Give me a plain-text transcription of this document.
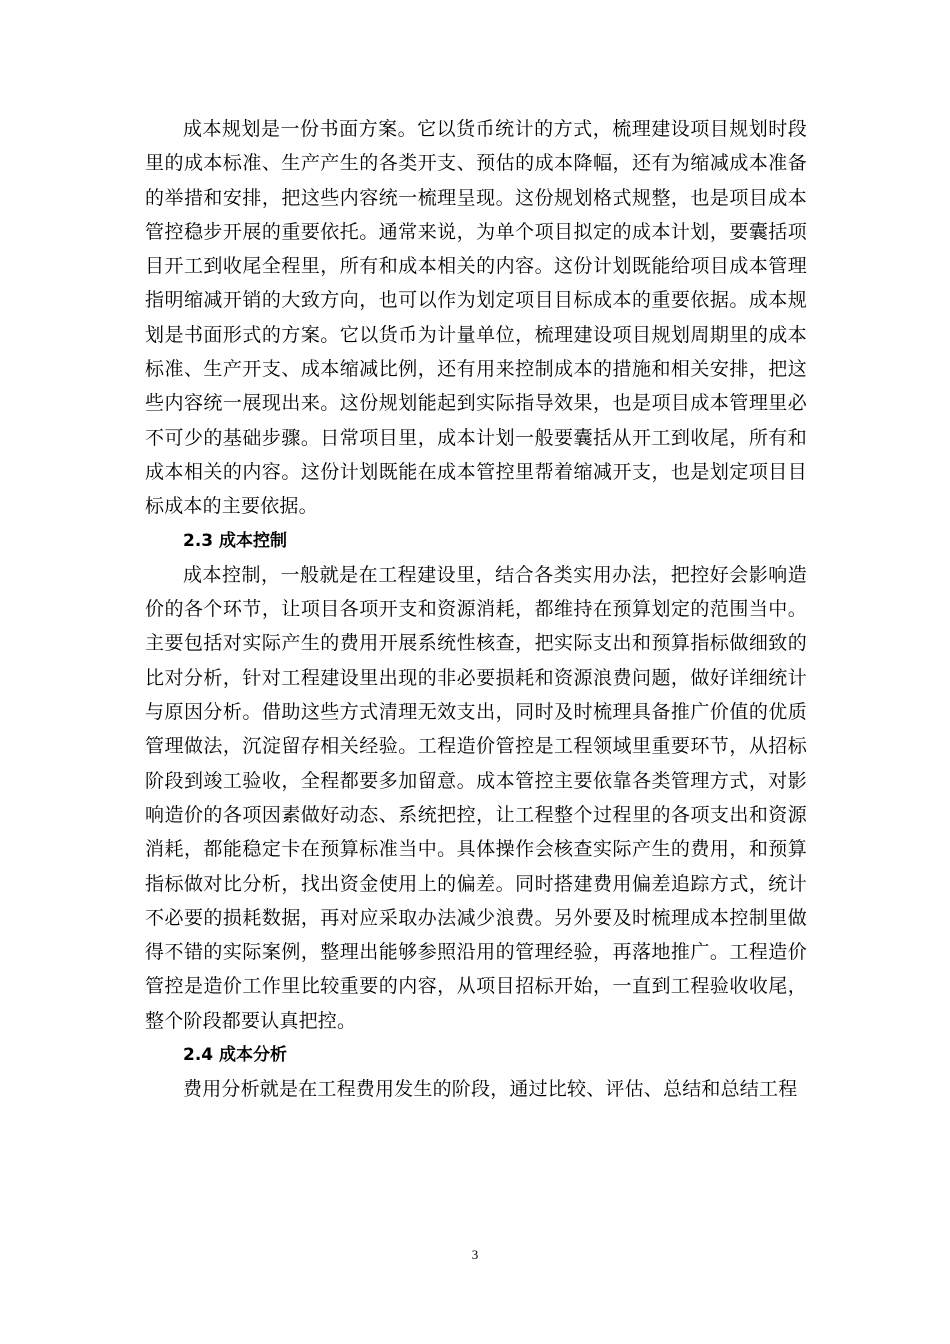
成本规划是一份书面方案。它以货币统计的方式，梳理建设项目规划时段里的成本标准、生产产生的各类开支、预估的成本降幅，还有为缩减成本准备的举措和安排，把这些内容统一梳理呈现。这份规划格式规整，也是项目成本管控稳步开展的重要依托。通常来说，为单个项目拟定的成本计划，要囊括项目开工到收尾全程里，所有和成本相关的内容。这份计划既能给项目成本管理指明缩减开销的大致方向，也可以作为划定项目目标成本的重要依据。成本规划是书面形式的方案。它以货币为计量单位，梳理建设项目规划周期里的成本标准、生产开支、成本缩减比例，还有用来控制成本的措施和相关安排，把这些内容统一展现出来。这份规划能起到实际指导效果，也是项目成本管理里必不可少的基础步骤。日常项目里，成本计划一般要囊括从开工到收尾，所有和成本相关的内容。这份计划既能在成本管控里帮着缩减开支，也是划定项目目标成本的主要依据。

2.3 成本控制

成本控制，一般就是在工程建设里，结合各类实用办法，把控好会影响造价的各个环节，让项目各项开支和资源消耗，都维持在预算划定的范围当中。主要包括对实际产生的费用开展系统性核查，把实际支出和预算指标做细致的比对分析，针对工程建设里出现的非必要损耗和资源浪费问题，做好详细统计与原因分析。借助这些方式清理无效支出，同时及时梳理具备推广价值的优质管理做法，沉淀留存相关经验。工程造价管控是工程领域里重要环节，从招标阶段到竣工验收，全程都要多加留意。成本管控主要依靠各类管理方式，对影响造价的各项因素做好动态、系统把控，让工程整个过程里的各项支出和资源消耗，都能稳定卡在预算标准当中。具体操作会核查实际产生的费用，和预算指标做对比分析，找出资金使用上的偏差。同时搭建费用偏差追踪方式，统计不必要的损耗数据，再对应采取办法减少浪费。另外要及时梳理成本控制里做得不错的实际案例，整理出能够参照沿用的管理经验，再落地推广。工程造价管控是造价工作里比较重要的内容，从项目招标开始，一直到工程验收收尾，整个阶段都要认真把控。

2.4 成本分析

费用分析就是在工程费用发生的阶段，通过比较、评估、总结和总结工程

3
